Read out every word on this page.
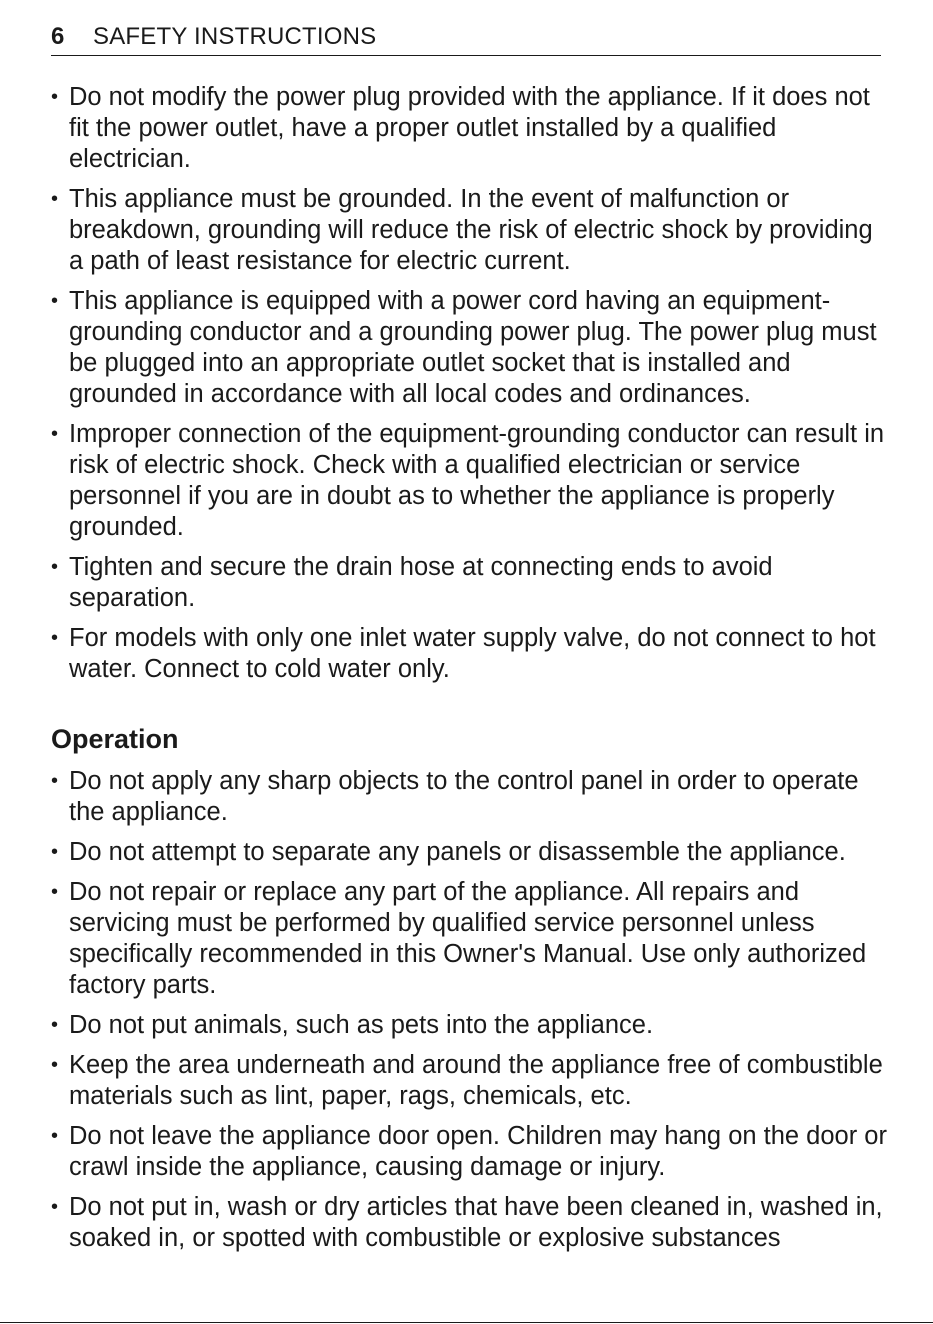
6	SAFETY INSTRUCTIONS
• Do not modify the power plug provided with the appliance. If it does not fit the power outlet, have a proper outlet installed by a qualified electrician.
• This appliance must be grounded. In the event of malfunction or breakdown, grounding will reduce the risk of electric shock by providing a path of least resistance for electric current.
• This appliance is equipped with a power cord having an equipment-grounding conductor and a grounding power plug. The power plug must be plugged into an appropriate outlet socket that is installed and grounded in accordance with all local codes and ordinances.
• Improper connection of the equipment-grounding conductor can result in risk of electric shock. Check with a qualified electrician or service personnel if you are in doubt as to whether the appliance is properly grounded.
• Tighten and secure the drain hose at connecting ends to avoid separation.
• For models with only one inlet water supply valve, do not connect to hot water. Connect to cold water only.
Operation
• Do not apply any sharp objects to the control panel in order to operate the appliance.
• Do not attempt to separate any panels or disassemble the appliance.
• Do not repair or replace any part of the appliance. All repairs and servicing must be performed by qualified service personnel unless specifically recommended in this Owner's Manual. Use only authorized factory parts.
• Do not put animals, such as pets into the appliance.
• Keep the area underneath and around the appliance free of combustible materials such as lint, paper, rags, chemicals, etc.
• Do not leave the appliance door open. Children may hang on the door or crawl inside the appliance, causing damage or injury.
• Do not put in, wash or dry articles that have been cleaned in, washed in, soaked in, or spotted with combustible or explosive substances
